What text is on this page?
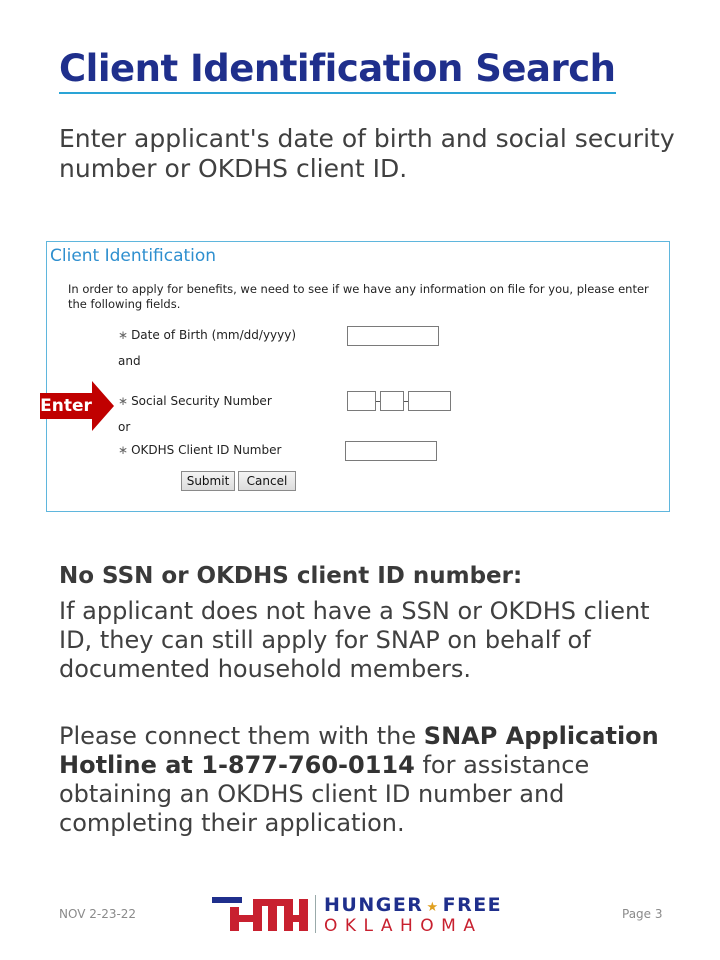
Client Identification Search
Enter applicant's date of birth and social security number or OKDHS client ID.
Client Identification
In order to apply for benefits, we need to see if we have any information on file for you, please enter the following fields.
∗ Date of Birth (mm/dd/yyyy)
and
∗ Social Security Number
or
∗ OKDHS Client ID Number
Submit	Cancel
Enter
No SSN or OKDHS client ID number:
If applicant does not have a SSN or OKDHS client ID, they can still apply for SNAP on behalf of documented household members.
Please connect them with the SNAP Application Hotline at 1-877-760-0114 for assistance obtaining an OKDHS client ID number and completing their application.
NOV 2-23-22	HUNGER ★ FREE
OKLAHOMA
Page 3
